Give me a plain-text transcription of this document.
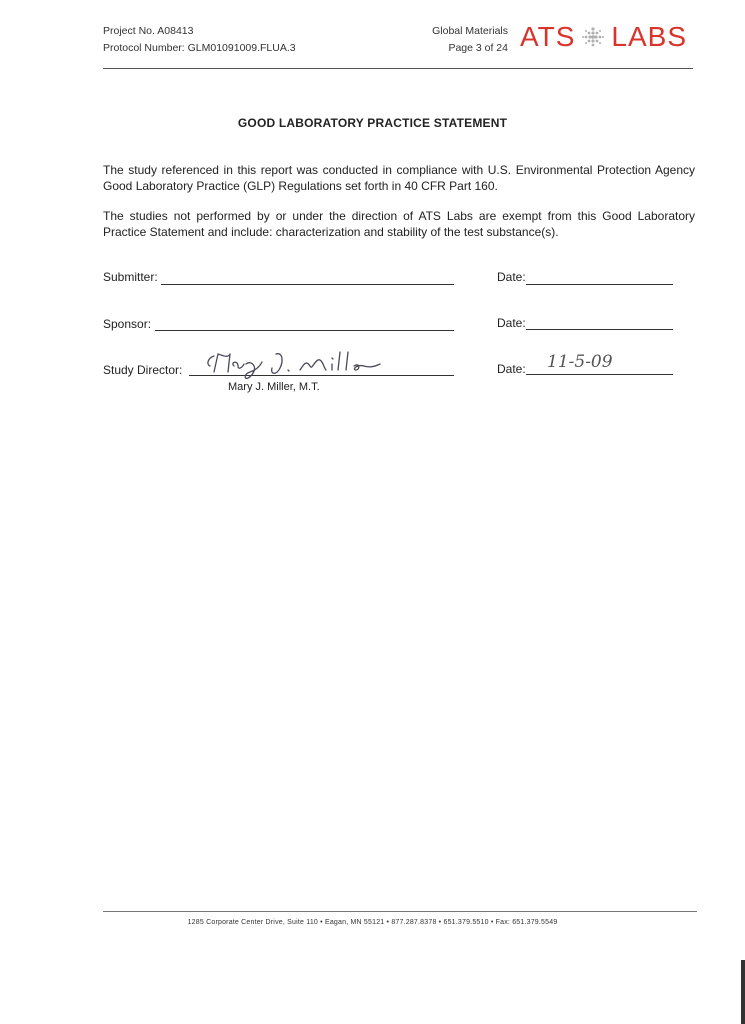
Project No. A08413
Protocol Number: GLM01091009.FLUA.3
Global Materials
Page 3 of 24 ATS LABS
GOOD LABORATORY PRACTICE STATEMENT
The study referenced in this report was conducted in compliance with U.S. Environmental Protection Agency Good Laboratory Practice (GLP) Regulations set forth in 40 CFR Part 160.
The studies not performed by or under the direction of ATS Labs are exempt from this Good Laboratory Practice Statement and include: characterization and stability of the test substance(s).
Submitter:	Date:
Sponsor:	Date:
Study Director:
Mary J. Miller, M.T.
Date: 11-5-09
1285 Corporate Center Drive, Suite 110 • Eagan, MN 55121 • 877.287.8378 • 651.379.5510 • Fax: 651.379.5549
